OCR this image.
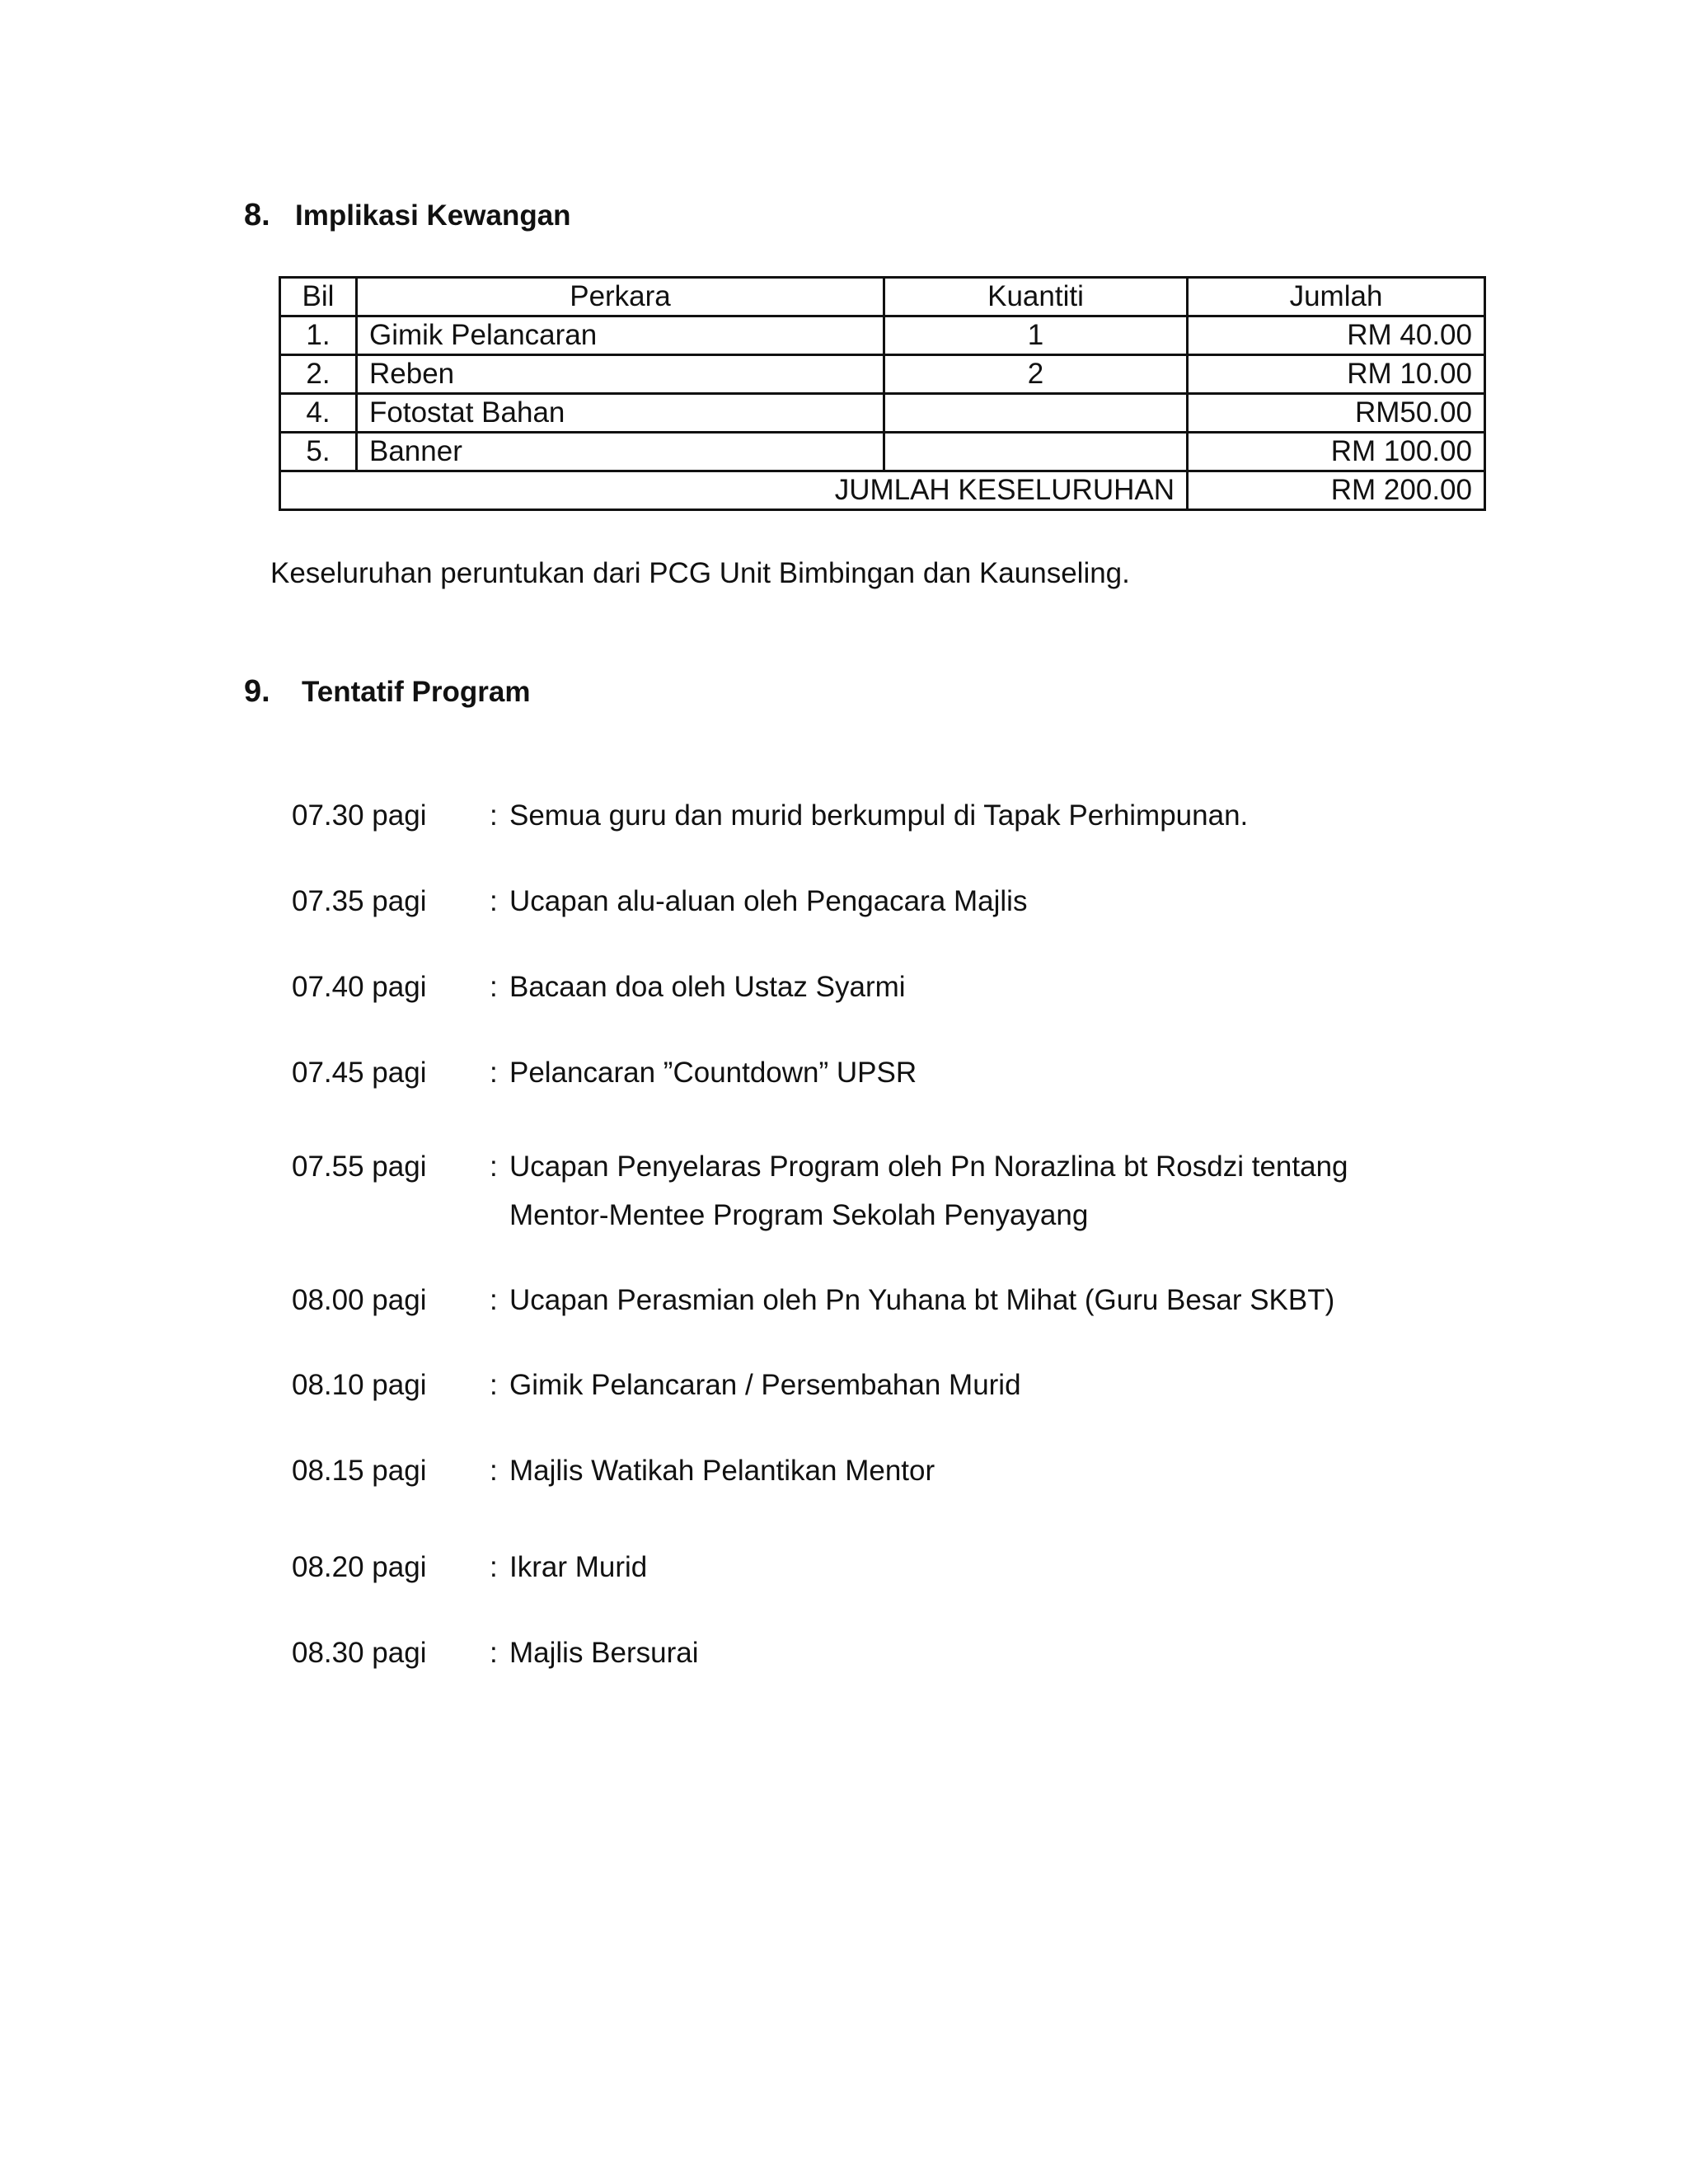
8. Implikasi Kewangan
Bil	Perkara	Kuantiti	Jumlah
1.	Gimik Pelancaran	1	RM 40.00
2.	Reben	2	RM 10.00
4.	Fotostat Bahan		RM50.00
5.	Banner		RM 100.00
JUMLAH KESELURUHAN			RM 200.00
Keseluruhan peruntukan dari PCG Unit Bimbingan dan Kaunseling.
9.	Tentatif Program
07.30 pagi	: Semua guru dan murid berkumpul di Tapak Perhimpunan.
07.35 pagi	: Ucapan alu-aluan oleh Pengacara Majlis
07.40 pagi	: Bacaan doa oleh Ustaz Syarmi
07.45 pagi	: Pelancaran ”Countdown” UPSR
07.55 pagi	: Ucapan Penyelaras Program oleh Pn Norazlina bt Rosdzi tentang Mentor-Mentee Program Sekolah Penyayang
08.00 pagi	: Ucapan Perasmian oleh Pn Yuhana bt Mihat (Guru Besar SKBT)
08.10 pagi	: Gimik Pelancaran / Persembahan Murid
08.15 pagi	: Majlis Watikah Pelantikan Mentor
08.20 pagi	: Ikrar Murid
08.30 pagi	: Majlis Bersurai
